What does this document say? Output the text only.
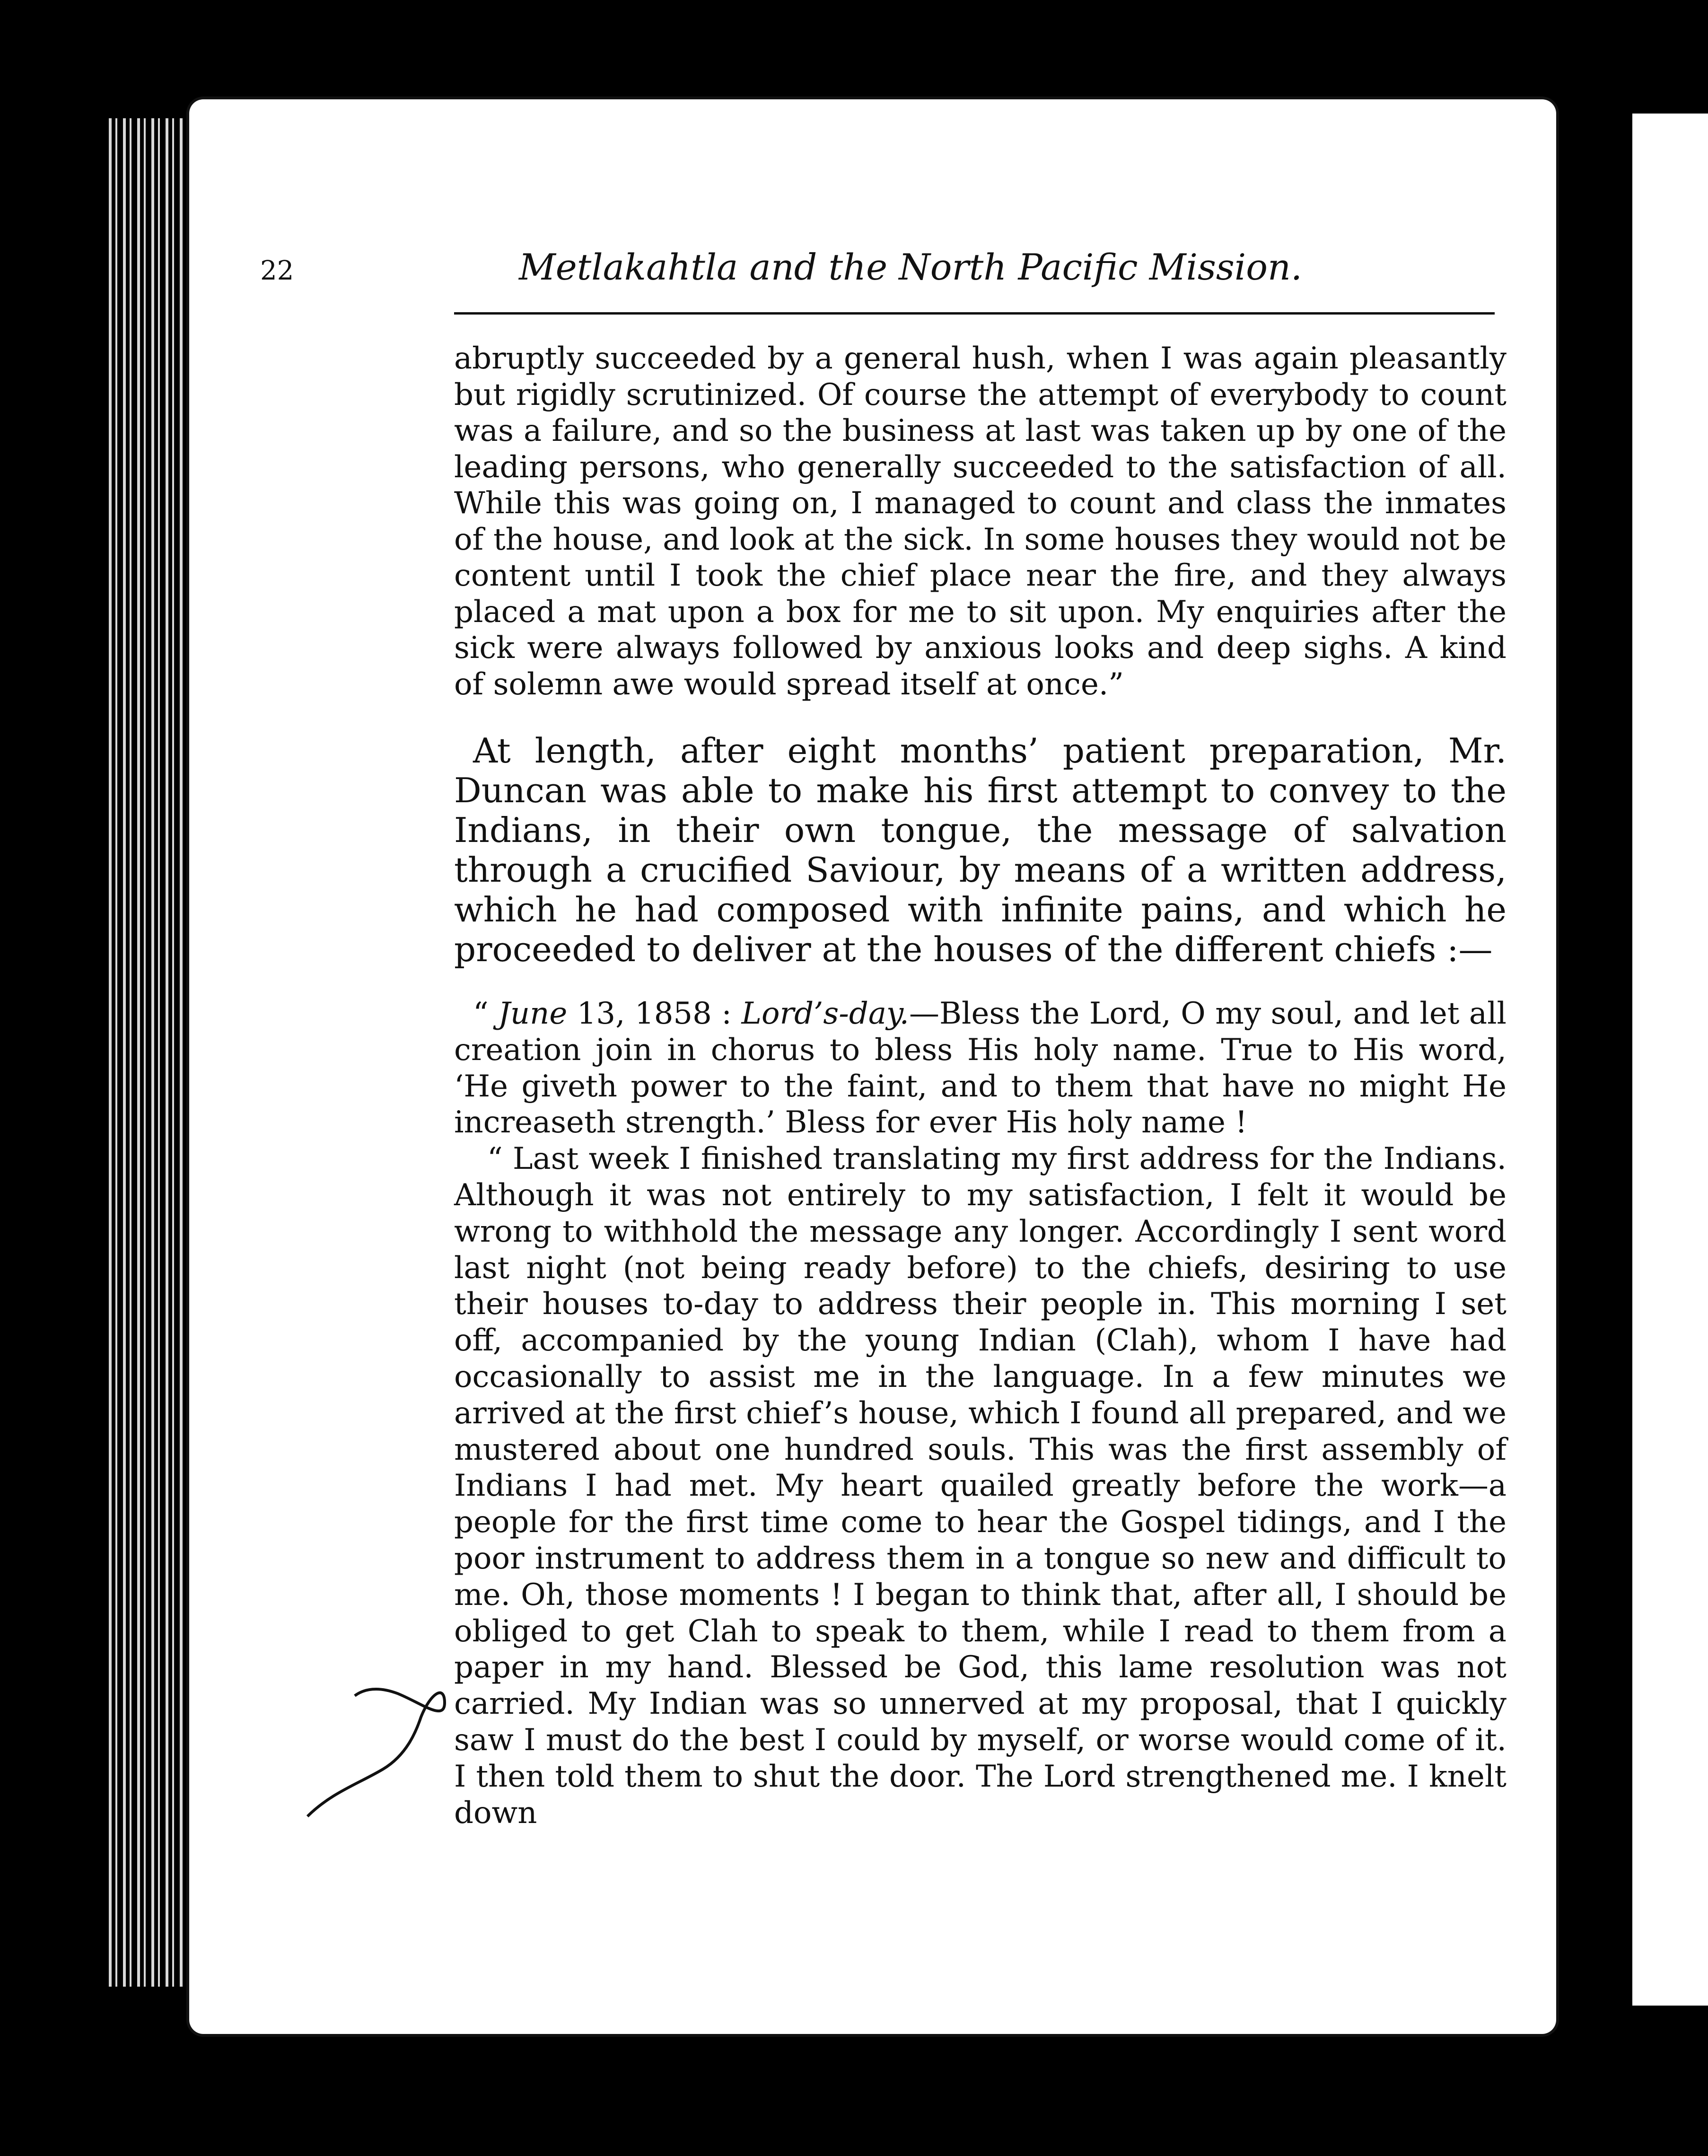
22	Metlakahtla and the North Pacific Mission.

abruptly succeeded by a general hush, when I was again pleasantly but rigidly scrutinized. Of course the attempt of everybody to count was a failure, and so the business at last was taken up by one of the leading persons, who generally succeeded to the satisfaction of all. While this was going on, I managed to count and class the inmates of the house, and look at the sick. In some houses they would not be content until I took the chief place near the fire, and they always placed a mat upon a box for me to sit upon. My enquiries after the sick were always followed by anxious looks and deep sighs. A kind of solemn awe would spread itself at once.”

At length, after eight months’ patient preparation, Mr. Duncan was able to make his first attempt to convey to the Indians, in their own tongue, the message of salvation through a crucified Saviour, by means of a written address, which he had composed with infinite pains, and which he proceeded to deliver at the houses of the different chiefs :—

“ June 13, 1858 : Lord’s-day.—Bless the Lord, O my soul, and let all creation join in chorus to bless His holy name. True to His word, ‘He giveth power to the faint, and to them that have no might He increaseth strength.’ Bless for ever His holy name !

“ Last week I finished translating my first address for the Indians. Although it was not entirely to my satisfaction, I felt it would be wrong to withhold the message any longer. Accordingly I sent word last night (not being ready before) to the chiefs, desiring to use their houses to-day to address their people in. This morning I set off, accompanied by the young Indian (Clah), whom I have had occasionally to assist me in the language. In a few minutes we arrived at the first chief’s house, which I found all prepared, and we mustered about one hundred souls. This was the first assembly of Indians I had met. My heart quailed greatly before the work—a people for the first time come to hear the Gospel tidings, and I the poor instrument to address them in a tongue so new and difficult to me. Oh, those moments ! I began to think that, after all, I should be obliged to get Clah to speak to them, while I read to them from a paper in my hand. Blessed be God, this lame resolution was not carried. My Indian was so unnerved at my proposal, that I quickly saw I must do the best I could by myself, or worse would come of it. I then told them to shut the door. The Lord strengthened me. I knelt down
